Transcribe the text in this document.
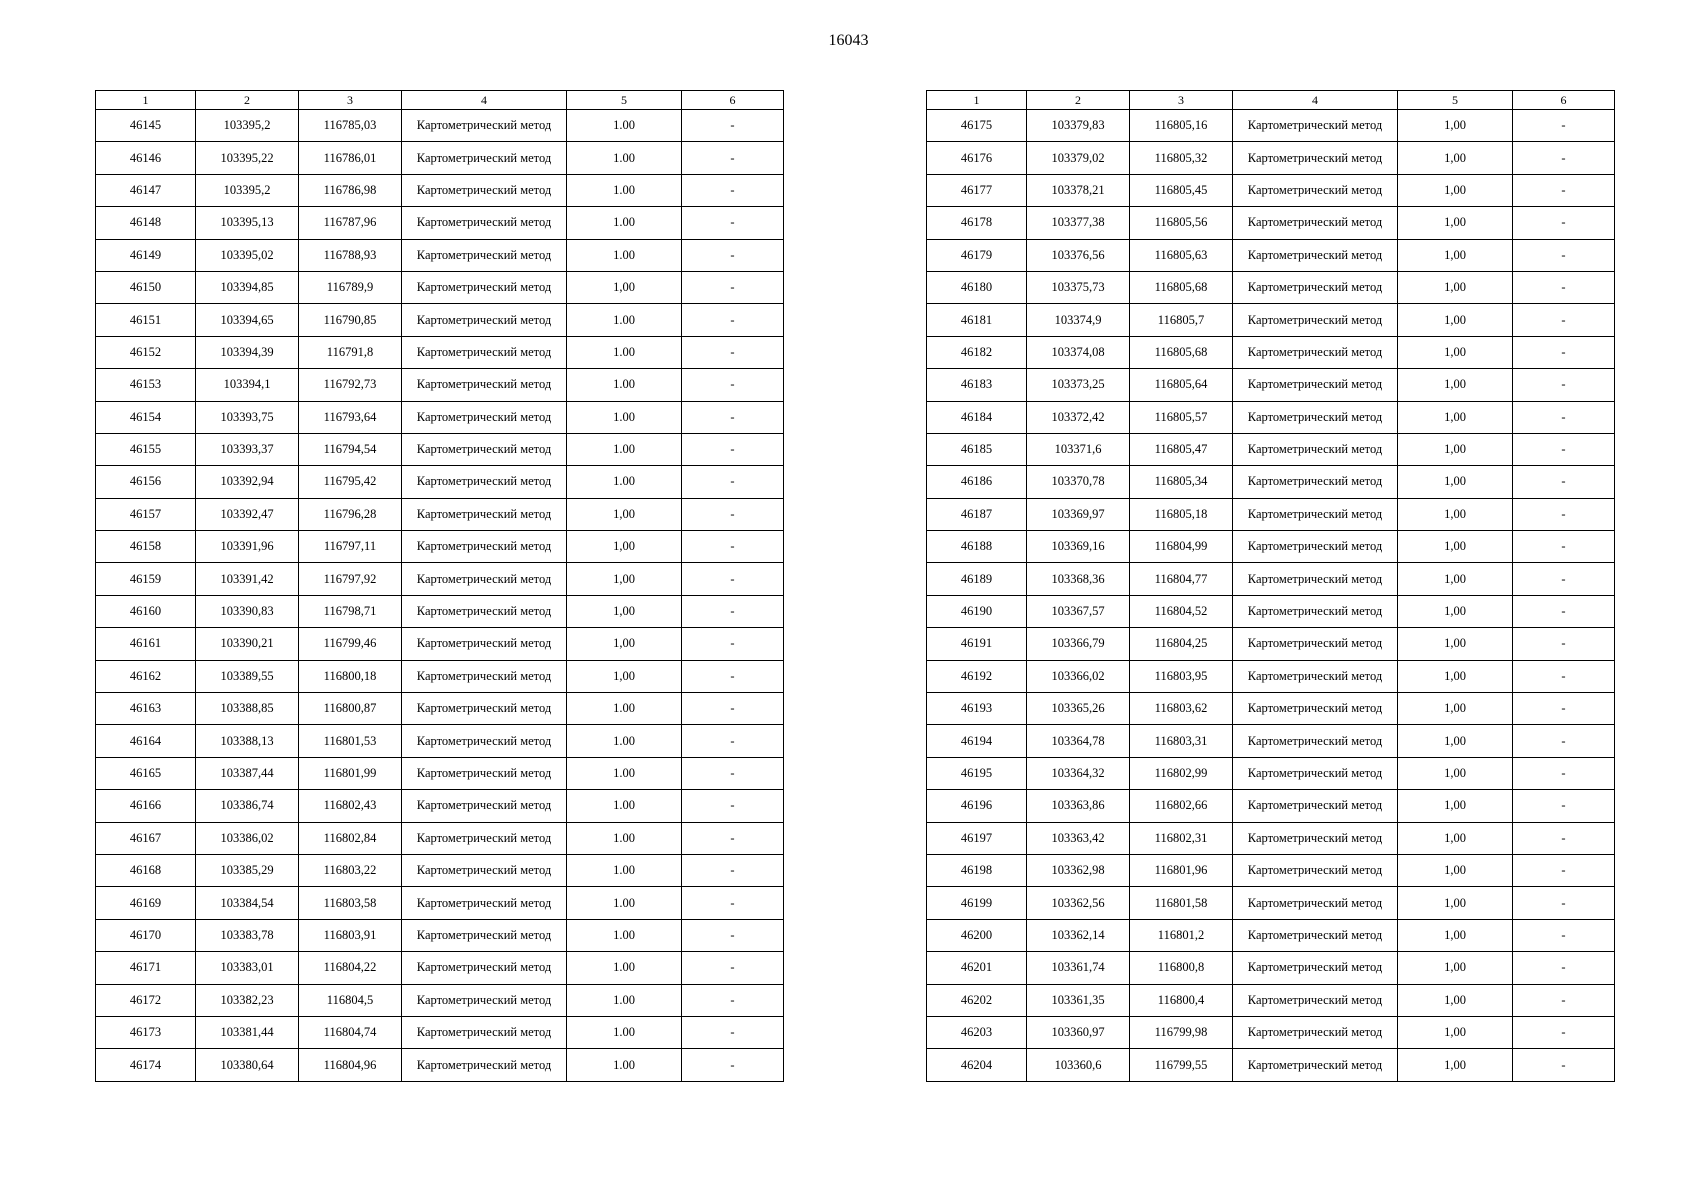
16043
1	2	3	4	5	6
46145	103395,2	116785,03	Картометрический метод	1.00	-
46146	103395,22	116786,01	Картометрический метод	1.00	-
46147	103395,2	116786,98	Картометрический метод	1.00	-
46148	103395,13	116787,96	Картометрический метод	1.00	-
46149	103395,02	116788,93	Картометрический метод	1.00	-
46150	103394,85	116789,9	Картометрический метод	1,00	-
46151	103394,65	116790,85	Картометрический метод	1.00	-
46152	103394,39	116791,8	Картометрический метод	1.00	-
46153	103394,1	116792,73	Картометрический метод	1.00	-
46154	103393,75	116793,64	Картометрический метод	1.00	-
46155	103393,37	116794,54	Картометрический метод	1.00	-
46156	103392,94	116795,42	Картометрический метод	1.00	-
46157	103392,47	116796,28	Картометрический метод	1,00	-
46158	103391,96	116797,11	Картометрический метод	1,00	-
46159	103391,42	116797,92	Картометрический метод	1,00	-
46160	103390,83	116798,71	Картометрический метод	1,00	-
46161	103390,21	116799,46	Картометрический метод	1,00	-
46162	103389,55	116800,18	Картометрический метод	1,00	-
46163	103388,85	116800,87	Картометрический метод	1.00	-
46164	103388,13	116801,53	Картометрический метод	1.00	-
46165	103387,44	116801,99	Картометрический метод	1.00	-
46166	103386,74	116802,43	Картометрический метод	1.00	-
46167	103386,02	116802,84	Картометрический метод	1.00	-
46168	103385,29	116803,22	Картометрический метод	1.00	-
46169	103384,54	116803,58	Картометрический метод	1.00	-
46170	103383,78	116803,91	Картометрический метод	1.00	-
46171	103383,01	116804,22	Картометрический метод	1.00	-
46172	103382,23	116804,5	Картометрический метод	1.00	-
46173	103381,44	116804,74	Картометрический метод	1.00	-
46174	103380,64	116804,96	Картометрический метод	1.00	-
1	2	3	4	5	6
46175	103379,83	116805,16	Картометрический метод	1,00	-
46176	103379,02	116805,32	Картометрический метод	1,00	-
46177	103378,21	116805,45	Картометрический метод	1,00	-
46178	103377,38	116805,56	Картометрический метод	1,00	-
46179	103376,56	116805,63	Картометрический метод	1,00	-
46180	103375,73	116805,68	Картометрический метод	1,00	-
46181	103374,9	116805,7	Картометрический метод	1,00	-
46182	103374,08	116805,68	Картометрический метод	1,00	-
46183	103373,25	116805,64	Картометрический метод	1,00	-
46184	103372,42	116805,57	Картометрический метод	1,00	-
46185	103371,6	116805,47	Картометрический метод	1,00	-
46186	103370,78	116805,34	Картометрический метод	1,00	-
46187	103369,97	116805,18	Картометрический метод	1,00	-
46188	103369,16	116804,99	Картометрический метод	1,00	-
46189	103368,36	116804,77	Картометрический метод	1,00	-
46190	103367,57	116804,52	Картометрический метод	1,00	-
46191	103366,79	116804,25	Картометрический метод	1,00	-
46192	103366,02	116803,95	Картометрический метод	1,00	-
46193	103365,26	116803,62	Картометрический метод	1,00	-
46194	103364,78	116803,31	Картометрический метод	1,00	-
46195	103364,32	116802,99	Картометрический метод	1,00	-
46196	103363,86	116802,66	Картометрический метод	1,00	-
46197	103363,42	116802,31	Картометрический метод	1,00	-
46198	103362,98	116801,96	Картометрический метод	1,00	-
46199	103362,56	116801,58	Картометрический метод	1,00	-
46200	103362,14	116801,2	Картометрический метод	1,00	-
46201	103361,74	116800,8	Картометрический метод	1,00	-
46202	103361,35	116800,4	Картометрический метод	1,00	-
46203	103360,97	116799,98	Картометрический метод	1,00	-
46204	103360,6	116799,55	Картометрический метод	1,00	-
